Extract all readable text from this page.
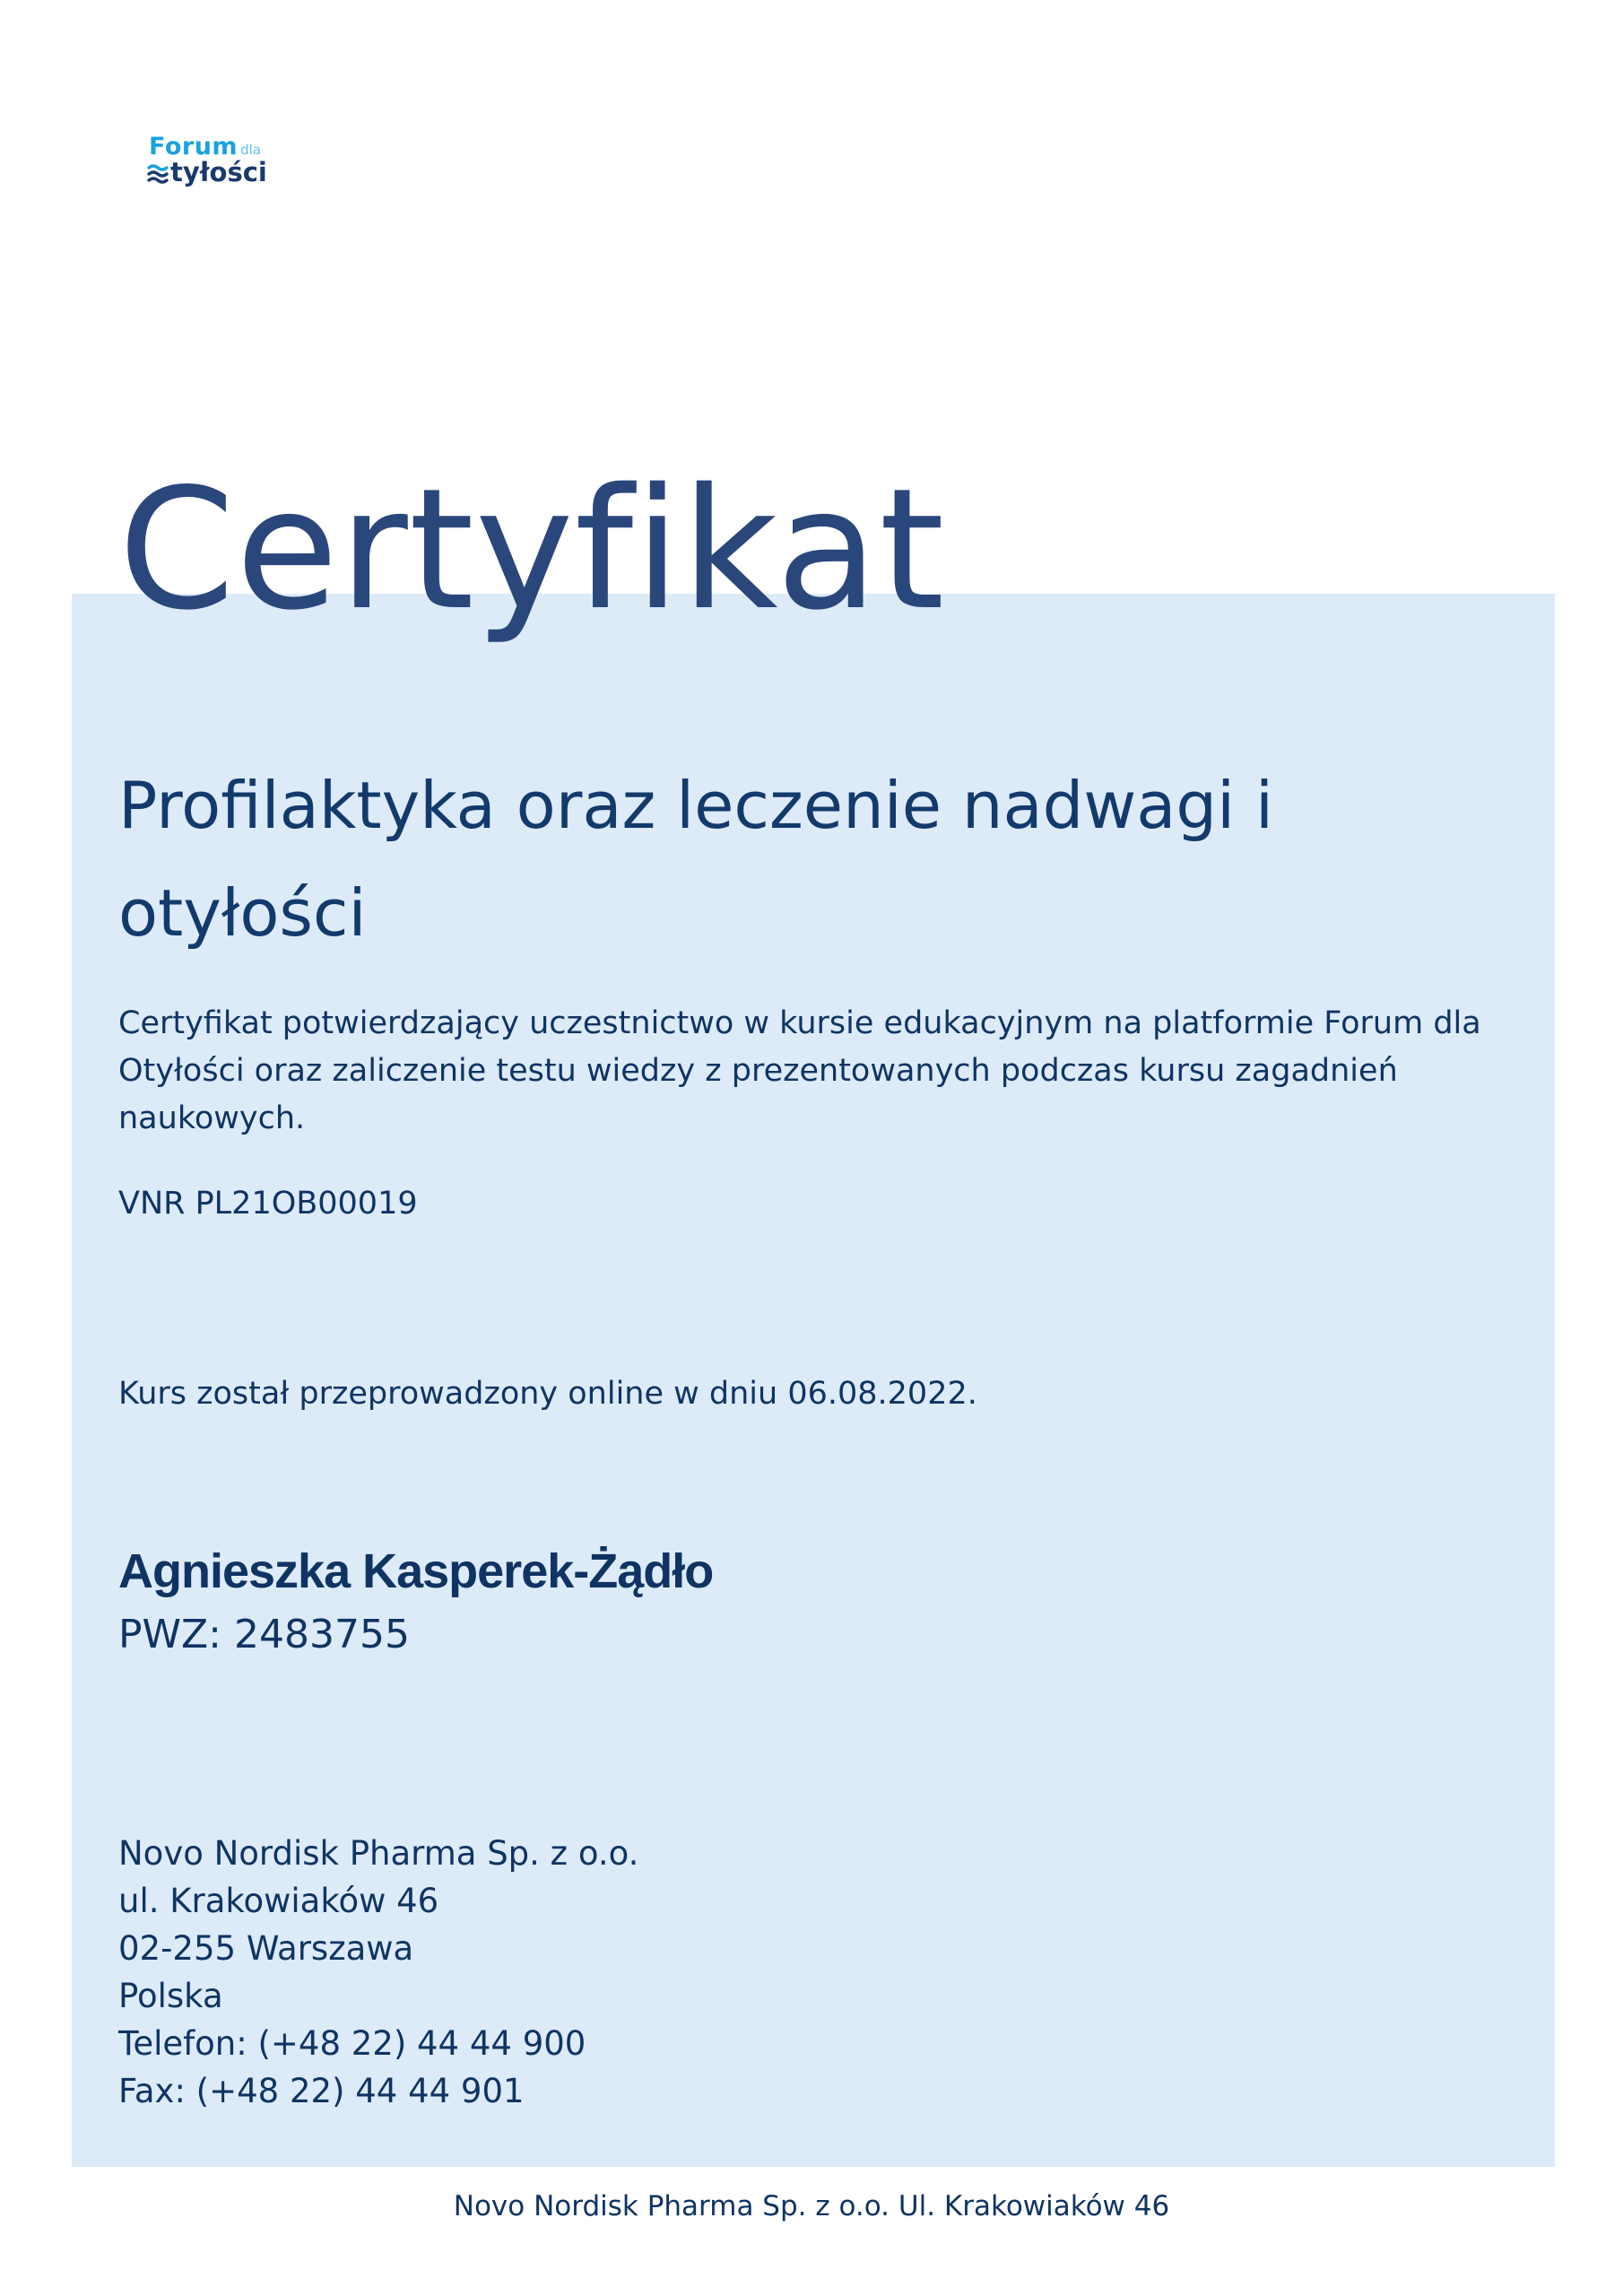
Forum dla
tyłości
Certyfikat
Profilaktyka oraz leczenie nadwagi i otyłości

Certyfikat potwierdzający uczestnictwo w kursie edukacyjnym na platformie Forum dla Otyłości oraz zaliczenie testu wiedzy z prezentowanych podczas kursu zagadnień naukowych.

VNR PL21OB00019

Kurs został przeprowadzony online w dniu 06.08.2022.

Agnieszka Kasperek-Żądło

PWZ: 2483755

Novo Nordisk Pharma Sp. z o.o.
ul. Krakowiaków 46
02-255 Warszawa
Polska
Telefon: (+48 22) 44 44 900
Fax: (+48 22) 44 44 901

Novo Nordisk Pharma Sp. z o.o. Ul. Krakowiaków 46
